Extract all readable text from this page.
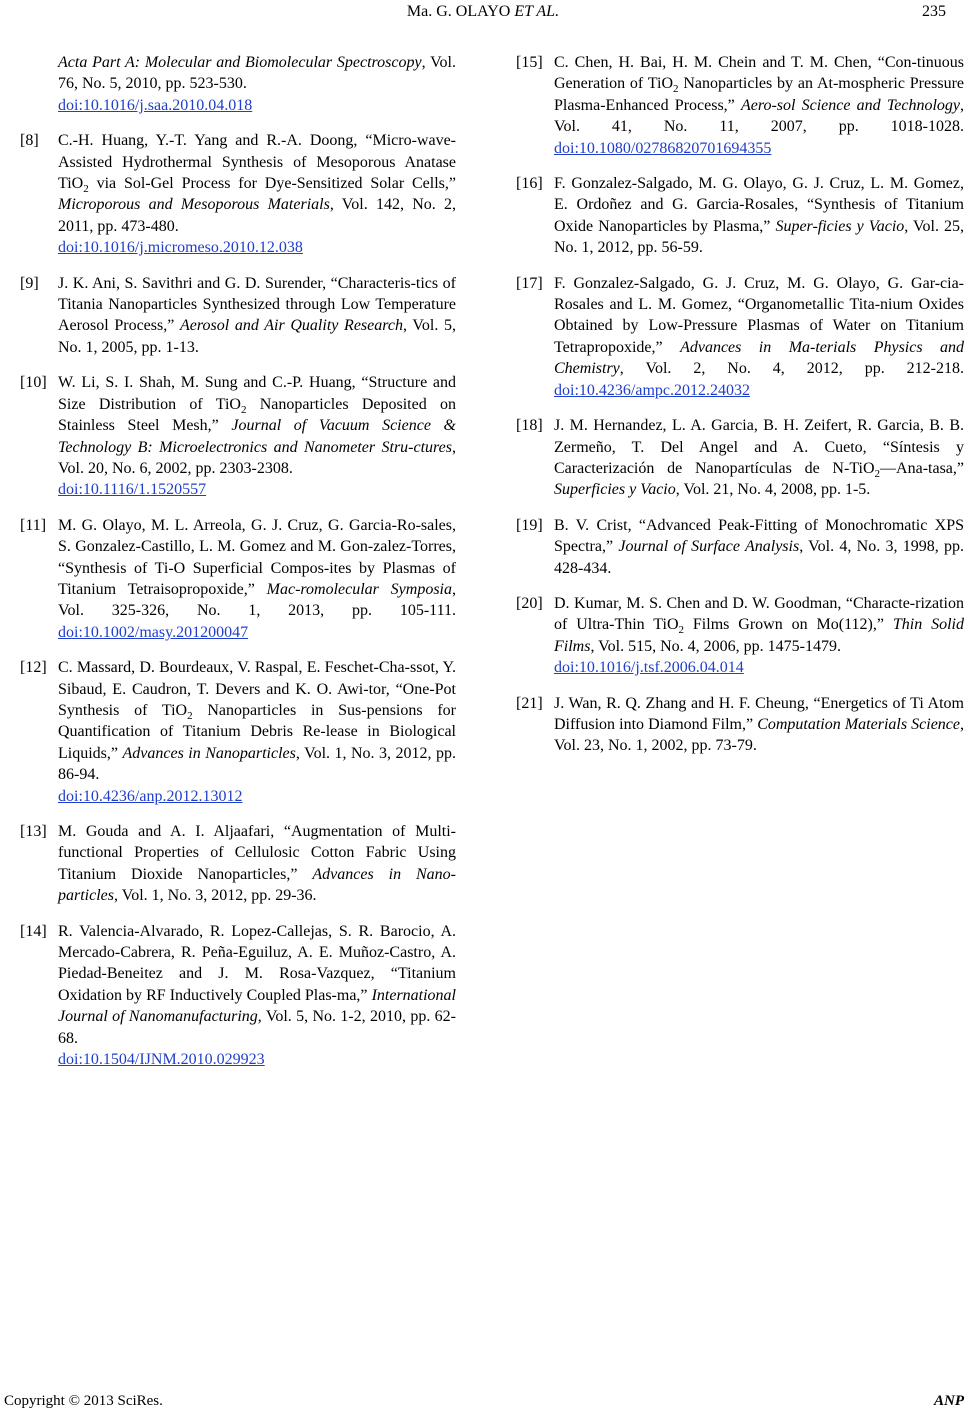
Ma. G. OLAYO ET AL.	235
Acta Part A: Molecular and Biomolecular Spectroscopy, Vol. 76, No. 5, 2010, pp. 523-530.
doi:10.1016/j.saa.2010.04.018
[8] C.-H. Huang, Y.-T. Yang and R.-A. Doong, “Micro-wave-Assisted Hydrothermal Synthesis of Mesoporous Anatase TiO$_2$ via Sol-Gel Process for Dye-Sensitized Solar Cells,” Microporous and Mesoporous Materials, Vol. 142, No. 2, 2011, pp. 473-480.
doi:10.1016/j.micromeso.2010.12.038
[9] J. K. Ani, S. Savithri and G. D. Surender, “Characteris-tics of Titania Nanoparticles Synthesized through Low Temperature Aerosol Process,” Aerosol and Air Quality Research, Vol. 5, No. 1, 2005, pp. 1-13.
[10] W. Li, S. I. Shah, M. Sung and C.-P. Huang, “Structure and Size Distribution of TiO$_2$ Nanoparticles Deposited on Stainless Steel Mesh,” Journal of Vacuum Science & Technology B: Microelectronics and Nanometer Stru-ctures, Vol. 20, No. 6, 2002, pp. 2303-2308.
doi:10.1116/1.1520557
[11] M. G. Olayo, M. L. Arreola, G. J. Cruz, G. Garcia-Ro-sales, S. Gonzalez-Castillo, L. M. Gomez and M. Gon-zalez-Torres, “Synthesis of Ti-O Superficial Compos-ites by Plasmas of Titanium Tetraisopropoxide,” Mac-romolecular Symposia, Vol. 325-326, No. 1, 2013, pp. 105-111. doi:10.1002/masy.201200047
[12] C. Massard, D. Bourdeaux, V. Raspal, E. Feschet-Cha-ssot, Y. Sibaud, E. Caudron, T. Devers and K. O. Awi-tor, “One-Pot Synthesis of TiO$_2$ Nanoparticles in Sus-pensions for Quantification of Titanium Debris Re-lease in Biological Liquids,” Advances in Nanoparticles, Vol. 1, No. 3, 2012, pp. 86-94.
doi:10.4236/anp.2012.13012
[13] M. Gouda and A. I. Aljaafari, “Augmentation of Multi-functional Properties of Cellulosic Cotton Fabric Using Titanium Dioxide Nanoparticles,” Advances in Nano-particles, Vol. 1, No. 3, 2012, pp. 29-36.
[14] R. Valencia-Alvarado, R. Lopez-Callejas, S. R. Barocio, A. Mercado-Cabrera, R. Peña-Eguiluz, A. E. Muñoz-Castro, A. Piedad-Beneitez and J. M. Rosa-Vazquez, “Titanium Oxidation by RF Inductively Coupled Plas-ma,” International Journal of Nanomanufacturing, Vol. 5, No. 1-2, 2010, pp. 62-68.
doi:10.1504/IJNM.2010.029923
[15] C. Chen, H. Bai, H. M. Chein and T. M. Chen, “Con-tinuous Generation of TiO$_2$ Nanoparticles by an At-mospheric Pressure Plasma-Enhanced Process,” Aero-sol Science and Technology, Vol. 41, No. 11, 2007, pp. 1018-1028. doi:10.1080/02786820701694355
[16] F. Gonzalez-Salgado, M. G. Olayo, G. J. Cruz, L. M. Gomez, E. Ordoñez and G. Garcia-Rosales, “Synthesis of Titanium Oxide Nanoparticles by Plasma,” Super-ficies y Vacio, Vol. 25, No. 1, 2012, pp. 56-59.
[17] F. Gonzalez-Salgado, G. J. Cruz, M. G. Olayo, G. Gar-cia-Rosales and L. M. Gomez, “Organometallic Tita-nium Oxides Obtained by Low-Pressure Plasmas of Water on Titanium Tetrapropoxide,” Advances in Ma-terials Physics and Chemistry, Vol. 2, No. 4, 2012, pp. 212-218. doi:10.4236/ampc.2012.24032
[18] J. M. Hernandez, L. A. Garcia, B. H. Zeifert, R. Garcia, B. B. Zermeño, T. Del Angel and A. Cueto, “Síntesis y Caracterización de Nanopartículas de N-TiO$_2$—Ana-tasa,” Superficies y Vacio, Vol. 21, No. 4, 2008, pp. 1-5.
[19] B. V. Crist, “Advanced Peak-Fitting of Monochromatic XPS Spectra,” Journal of Surface Analysis, Vol. 4, No. 3, 1998, pp. 428-434.
[20] D. Kumar, M. S. Chen and D. W. Goodman, “Characte-rization of Ultra-Thin TiO$_2$ Films Grown on Mo(112),” Thin Solid Films, Vol. 515, No. 4, 2006, pp. 1475-1479.
doi:10.1016/j.tsf.2006.04.014
[21] J. Wan, R. Q. Zhang and H. F. Cheung, “Energetics of Ti Atom Diffusion into Diamond Film,” Computation Materials Science, Vol. 23, No. 1, 2002, pp. 73-79.
Copyright © 2013 SciRes.	ANP
